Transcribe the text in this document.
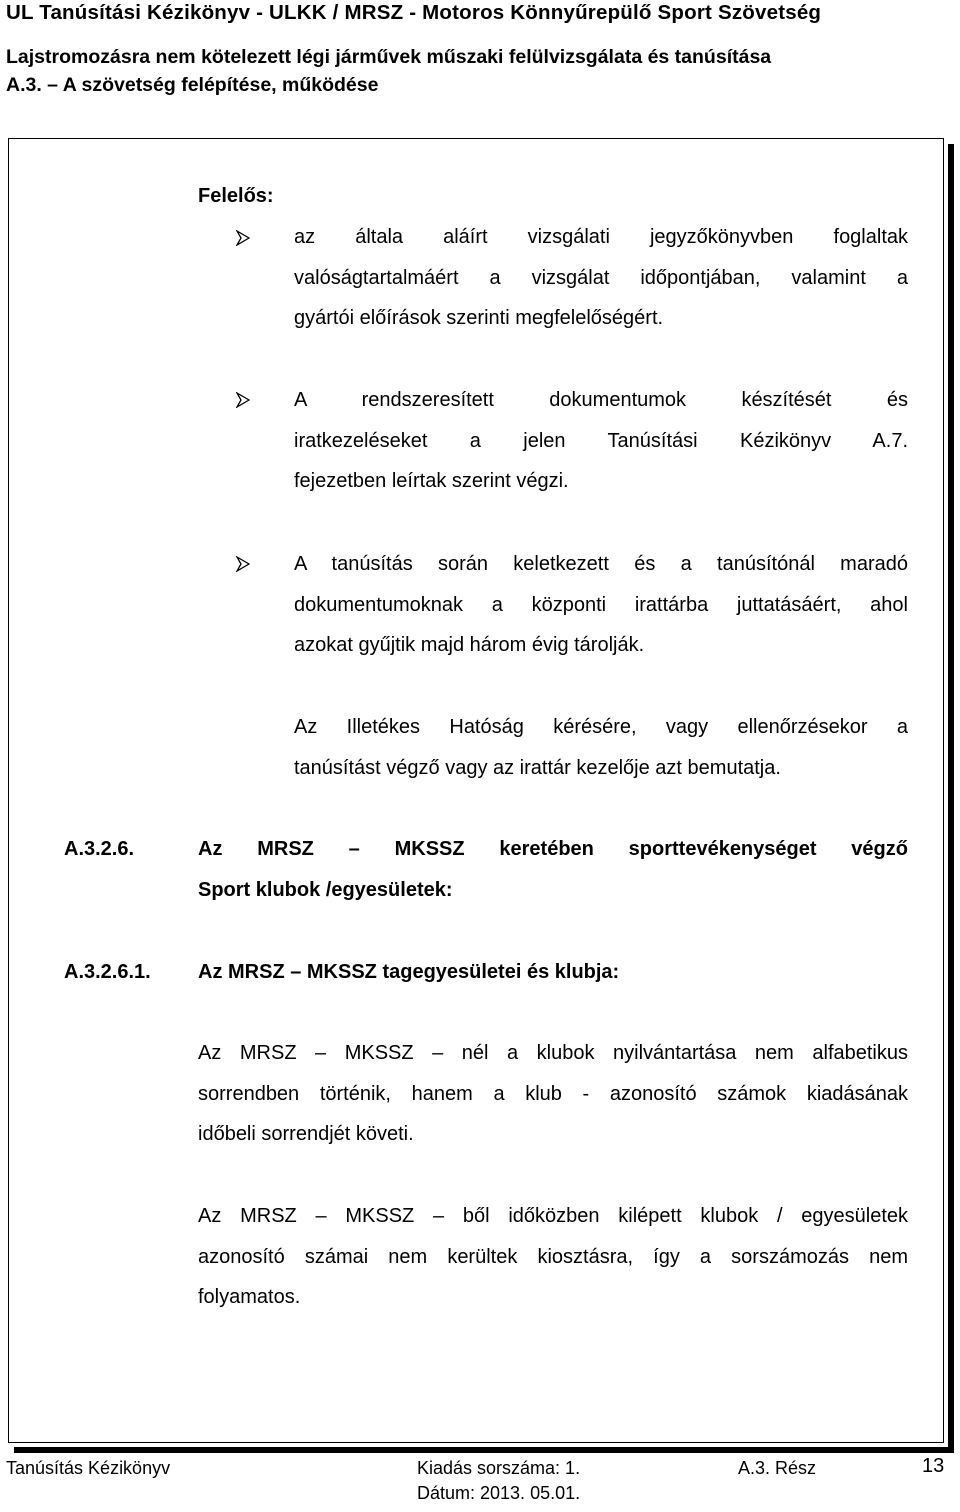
UL Tanúsítási Kézikönyv - ULKK / MRSZ - Motoros Könnyűrepülő Sport Szövetség
Lajstromozásra nem kötelezett légi járművek műszaki felülvizsgálata és tanúsítása
A.3. – A szövetség felépítése, működése
Felelős:
az általa aláírt vizsgálati jegyzőkönyvben foglaltak
valóságtartalmáért a vizsgálat időpontjában, valamint a
gyártói előírások szerinti megfelelőségért.
A rendszeresített dokumentumok készítését és
iratkezeléseket a jelen Tanúsítási Kézikönyv A.7.
fejezetben leírtak szerint végzi.
A tanúsítás során keletkezett és a tanúsítónál maradó
dokumentumoknak a központi irattárba juttatásáért, ahol
azokat gyűjtik majd három évig tárolják.
Az Illetékes Hatóság kérésére, vagy ellenőrzésekor a
tanúsítást végző vagy az irattár kezelője azt bemutatja.
A.3.2.6.	Az MRSZ – MKSSZ keretében sporttevékenységet végző
Sport klubok /egyesületek:
A.3.2.6.1. Az MRSZ – MKSSZ tagegyesületei és klubja:
Az MRSZ – MKSSZ – nél a klubok nyilvántartása nem alfabetikus
sorrendben történik, hanem a klub - azonosító számok kiadásának
időbeli sorrendjét követi.
Az MRSZ – MKSSZ – ből időközben kilépett klubok / egyesületek
azonosító számai nem kerültek kiosztásra, így a sorszámozás nem
folyamatos.
Tanúsítás Kézikönyv	Kiadás sorszáma: 1.
Dátum: 2013. 05.01.
A.3. Rész	13
